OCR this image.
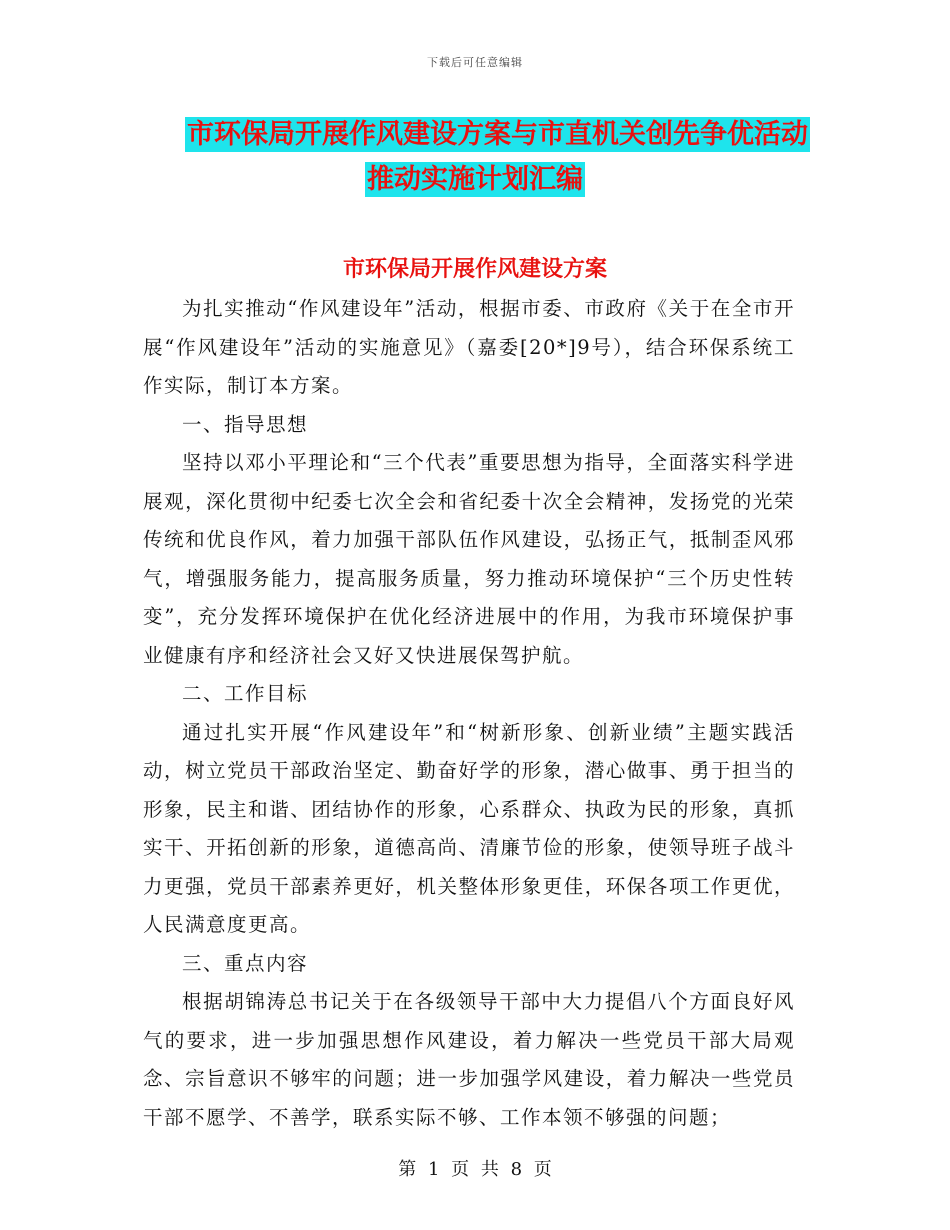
下载后可任意编辑
市环保局开展作风建设方案与市直机关创先争优活动
推动实施计划汇编
市环保局开展作风建设方案

为扎实推动“作风建设年”活动，根据市委、市政府《关于在全市开展“作风建设年”活动的实施意见》（嘉委[20*]9号），结合环保系统工作实际，制订本方案。

一、指导思想

坚持以邓小平理论和“三个代表”重要思想为指导，全面落实科学进展观，深化贯彻中纪委七次全会和省纪委十次全会精神，发扬党的光荣传统和优良作风，着力加强干部队伍作风建设，弘扬正气，抵制歪风邪气，增强服务能力，提高服务质量，努力推动环境保护“三个历史性转变”，充分发挥环境保护在优化经济进展中的作用，为我市环境保护事业健康有序和经济社会又好又快进展保驾护航。

二、工作目标

通过扎实开展“作风建设年”和“树新形象、创新业绩”主题实践活动，树立党员干部政治坚定、勤奋好学的形象，潜心做事、勇于担当的形象，民主和谐、团结协作的形象，心系群众、执政为民的形象，真抓实干、开拓创新的形象，道德高尚、清廉节俭的形象，使领导班子战斗力更强，党员干部素养更好，机关整体形象更佳，环保各项工作更优，人民满意度更高。

三、重点内容

根据胡锦涛总书记关于在各级领导干部中大力提倡八个方面良好风气的要求，进一步加强思想作风建设，着力解决一些党员干部大局观念、宗旨意识不够牢的问题；进一步加强学风建设，着力解决一些党员干部不愿学、不善学，联系实际不够、工作本领不够强的问题；

第 1 页 共 8 页
